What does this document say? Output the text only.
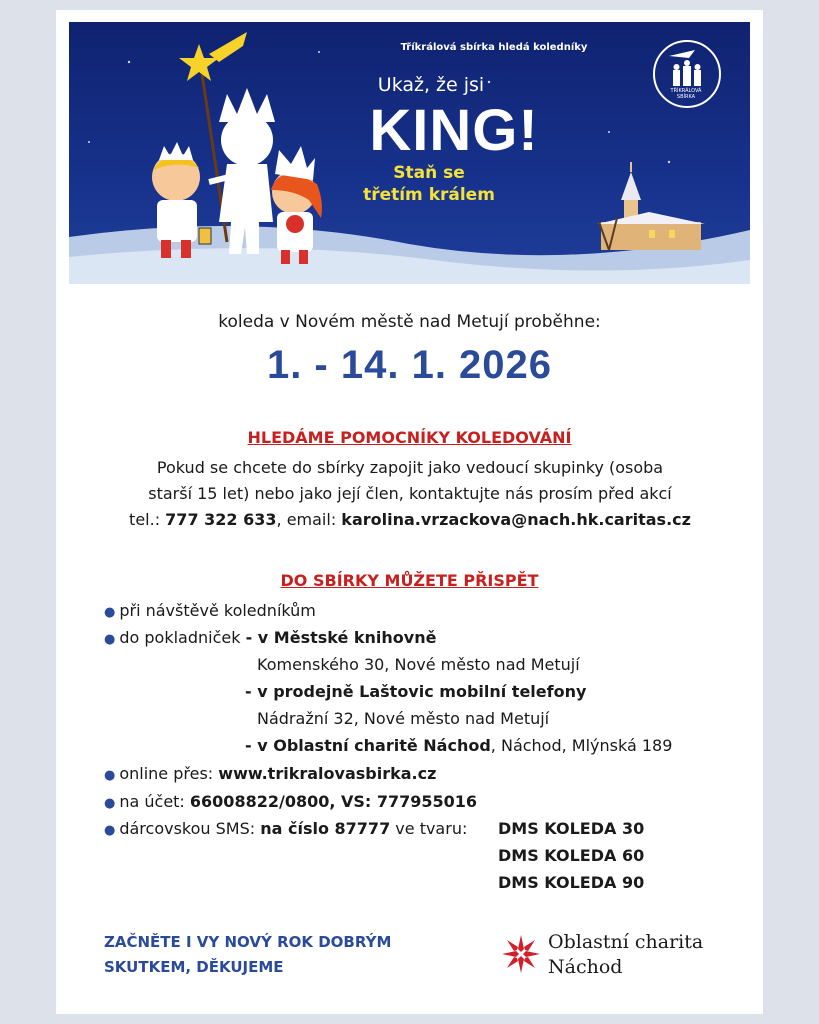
Tříkrálová sbírka hledá koledníky
Ukaž, že jsi
KING!
Staň se
třetím králem
TŘÍKRÁLOVÁ
SBÍRKA
koleda v Novém městě nad Metují proběhne:
1. - 14. 1. 2026
HLEDÁME POMOCNÍKY KOLEDOVÁNÍ
Pokud se chcete do sbírky zapojit jako vedoucí skupinky (osoba
starší 15 let) nebo jako její člen, kontaktujte nás prosím před akcí
tel.: 777 322 633, email: karolina.vrzackova@nach.hk.caritas.cz
DO SBÍRKY MŮŽETE PŘISPĚT
● při návštěvě koledníkům
● do pokladniček - v Městské knihovně
Komenského 30, Nové město nad Metují
- v prodejně Laštovic mobilní telefony
Nádražní 32, Nové město nad Metují
- v Oblastní charitě Náchod, Náchod, Mlýnská 189
● online přes: www.trikralovasbirka.cz
● na účet: 66008822/0800, VS: 777955016
● dárcovskou SMS: na číslo 87777 ve tvaru: DMS KOLEDA 30
DMS KOLEDA 60
DMS KOLEDA 90
ZAČNĚTE I VY NOVÝ ROK DOBRÝM
SKUTKEM, DĚKUJEME
Oblastní charita
Náchod
